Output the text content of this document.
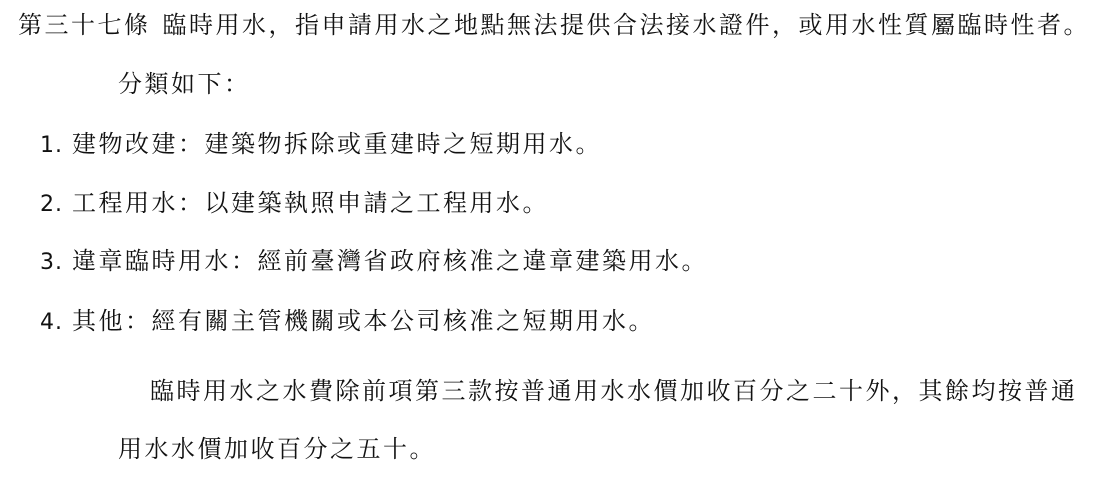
第三十七條 臨時用水，指申請用水之地點無法提供合法接水證件，或用水性質屬臨時性者。
分類如下：
1. 建物改建：建築物拆除或重建時之短期用水。
2. 工程用水：以建築執照申請之工程用水。
3. 違章臨時用水：經前臺灣省政府核准之違章建築用水。
4. 其他：經有關主管機關或本公司核准之短期用水。
臨時用水之水費除前項第三款按普通用水水價加收百分之二十外，其餘均按普通
用水水價加收百分之五十。
